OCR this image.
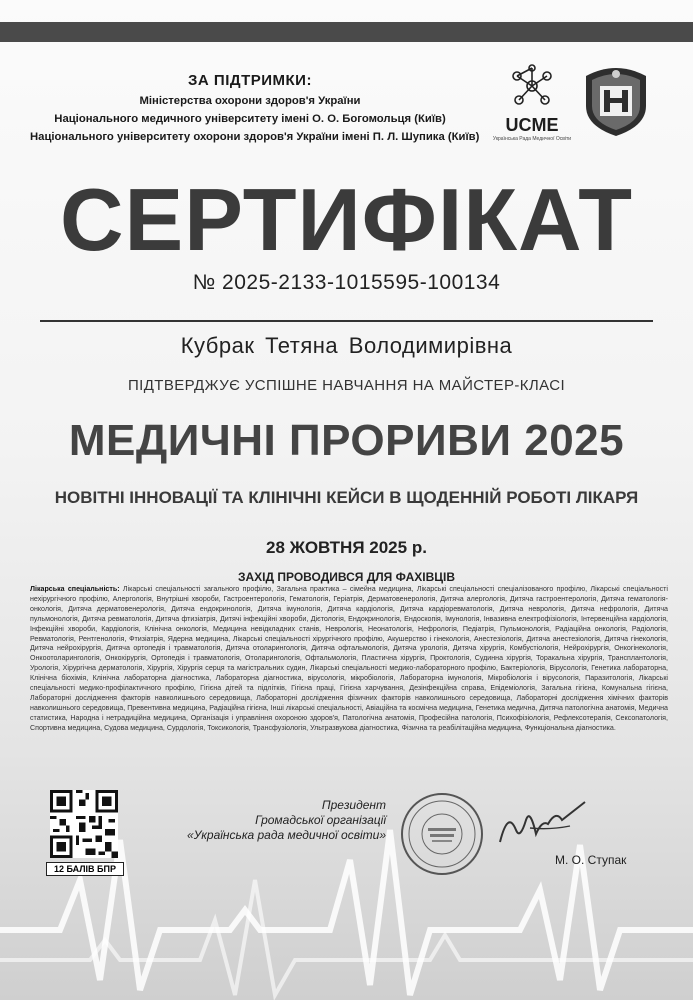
ЗА ПІДТРИМКИ:
Міністерства охорони здоров'я України
Національного медичного університету імені О. О. Богомольця (Київ)
Національного університету охорони здоров'я України імені П. Л. Шупика (Київ)
UCME
Українська Рада Медичної Освіти
СЕРТИФІКАТ
№ 2025-2133-1015595-100134
Кубрак Тетяна Володимирівна
ПІДТВЕРДЖУЄ УСПІШНЕ НАВЧАННЯ НА МАЙСТЕР-КЛАСІ
МЕДИЧНІ ПРОРИВИ 2025
НОВІТНІ ІННОВАЦІЇ ТА КЛІНІЧНІ КЕЙСИ В ЩОДЕННІЙ РОБОТІ ЛІКАРЯ
28 ЖОВТНЯ 2025 р.
ЗАХІД ПРОВОДИВСЯ ДЛЯ ФАХІВЦІВ
Лікарська спеціальність: Лікарські спеціальності загального профілю, Загальна практика – сімейна медицина, Лікарські спеціальності спеціалізованого профілю, Лікарські спеціальності нехірургічного профілю, Алергологія, Внутрішні хвороби, Гастроентерологія, Гематологія, Геріатрія, Дерматовенерологія, Дитяча алергологія, Дитяча гастроентерологія, Дитяча гематологія-онкологія, Дитяча дерматовенерологія, Дитяча ендокринологія, Дитяча імунологія, Дитяча кардіологія, Дитяча кардіоревматологія, Дитяча неврологія, Дитяча нефрологія, Дитяча пульмонологія, Дитяча ревматологія, Дитяча фтизіатрія, Дитячі інфекційні хвороби, Дієтологія, Ендокринологія, Ендоскопія, Імунологія, Інвазивна електрофізіологія, Інтервенційна кардіологія, Інфекційні хвороби, Кардіологія, Клінічна онкологія, Медицина невідкладних станів, Неврологія, Неонатологія, Нефрологія, Педіатрія, Пульмонологія, Радіаційна онкологія, Радіологія, Ревматологія, Рентгенологія, Фтизіатрія, Ядерна медицина, Лікарські спеціальності хірургічного профілю, Акушерство і гінекологія, Анестезіологія, Дитяча анестезіологія, Дитяча гінекологія, Дитяча нейрохірургія, Дитяча ортопедія і травматологія, Дитяча отоларингологія, Дитяча офтальмологія, Дитяча урологія, Дитяча хірургія, Комбустіологія, Нейрохірургія, Онкогінекологія, Онкоотоларингологія, Онкохірургія, Ортопедія і травматологія, Отоларингологія, Офтальмологія, Пластична хірургія, Проктологія, Судинна хірургія, Торакальна хірургія, Трансплантологія, Урологія, Хірургічна дерматологія, Хірургія, Хірургія серця та магістральних судин, Лікарські спеціальності медико-лабораторного профілю, Бактеріологія, Вірусологія, Генетика лабораторна, Клінічна біохімія, Клінічна лабораторна діагностика, Лабораторна діагностика, вірусологія, мікробіологія, Лабораторна імунологія, Мікробіологія і вірусологія, Паразитологія, Лікарські спеціальності медико-профілактичного профілю, Гігієна дітей та підлітків, Гігієна праці, Гігієна харчування, Дезінфекційна справа, Епідеміологія, Загальна гігієна, Комунальна гігієна, Лабораторні дослідження факторів навколишнього середовища, Лабораторні дослідження фізичних факторів навколишнього середовища, Лабораторні дослідження хімічних факторів навколишнього середовища, Превентивна медицина, Радіаційна гігієна, Інші лікарські спеціальності, Авіаційна та космічна медицина, Генетика медична, Дитяча патологічна анатомія, Медична статистика, Народна і нетрадиційна медицина, Організація і управління охороною здоров'я, Патологічна анатомія, Професійна патологія, Психофізіологія, Рефлексотерапія, Сексопатологія, Спортивна медицина, Судова медицина, Сурдологія, Токсикологія, Трансфузіологія, Ультразвукова діагностика, Фізична та реабілітаційна медицина, Функціональна діагностика.
12 БАЛІВ БПР
Президент
Громадської організації
«Українська рада медичної освіти»
М. О. Ступак
